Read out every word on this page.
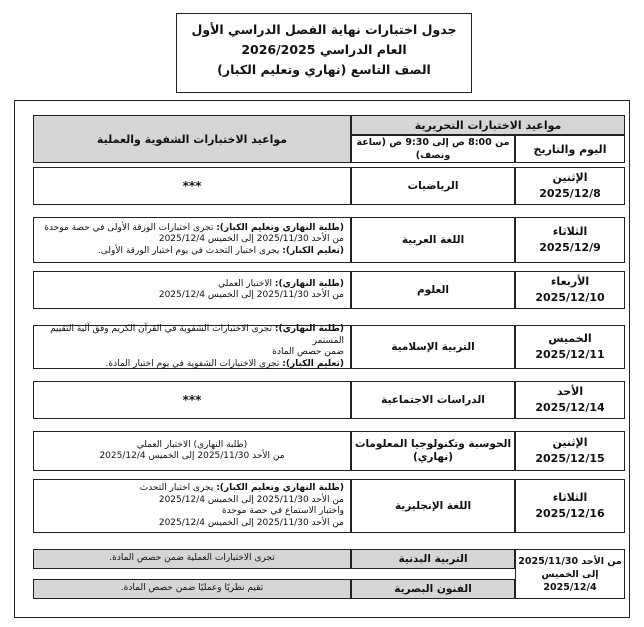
جدول اختبارات نهاية الفصل الدراسي الأول
العام الدراسي 2026/2025
الصف التاسع (نهاري وتعليم الكبار)
مواعيد الاختبارات التحريرية
مواعيد الاختبارات الشفوية والعملية
اليوم والتاريخ
من 8:00 ص إلى 9:30 ص (ساعة ونصف)
الإثنين
2025/12/8
الرياضيات
***
الثلاثاء
2025/12/9
اللغة العربية
(طلبة النهاري وتعليم الكبار): تجرى اختبارات الورقة الأولى في حصة موحدة
من الأحد 2025/11/30 إلى الخميس 2025/12/4
(تعليم الكبار): يجرى اختبار التحدث في يوم اختبار الورقة الأولى.
الأربعاء
2025/12/10
العلوم
(طلبة النهاري): الاختبار العملي
من الأحد 2025/11/30 إلى الخميس 2025/12/4
الخميس
2025/12/11
التربية الإسلامية
(طلبة النهاري): تجرى الاختبارات الشفوية في القرآن الكريم وفق آلية التقييم المستمر
ضمن حصص المادة
(تعليم الكبار): تجرى الاختبارات الشفوية في يوم اختبار المادة.
الأحد
2025/12/14
الدراسات الاجتماعية
***
الإثنين
2025/12/15
الحوسبة وتكنولوجيا المعلومات
(نهاري)
(طلبة النهاري) الاختبار العملي
من الأحد 2025/11/30 إلى الخميس 2025/12/4
الثلاثاء
2025/12/16
اللغة الإنجليزية
(طلبة النهاري وتعليم الكبار): يجرى اختبار التحدث
من الأحد 2025/11/30 إلى الخميس 2025/12/4
واختبار الاستماع في حصة موحدة
من الأحد 2025/11/30 إلى الخميس 2025/12/4
من الأحد 2025/11/30
إلى الخميس 2025/12/4
التربية البدنية
تجرى الاختبارات العملية ضمن حصص المادة.
الفنون البصرية
تقيم نظريًا وعمليًا ضمن حصص المادة.
